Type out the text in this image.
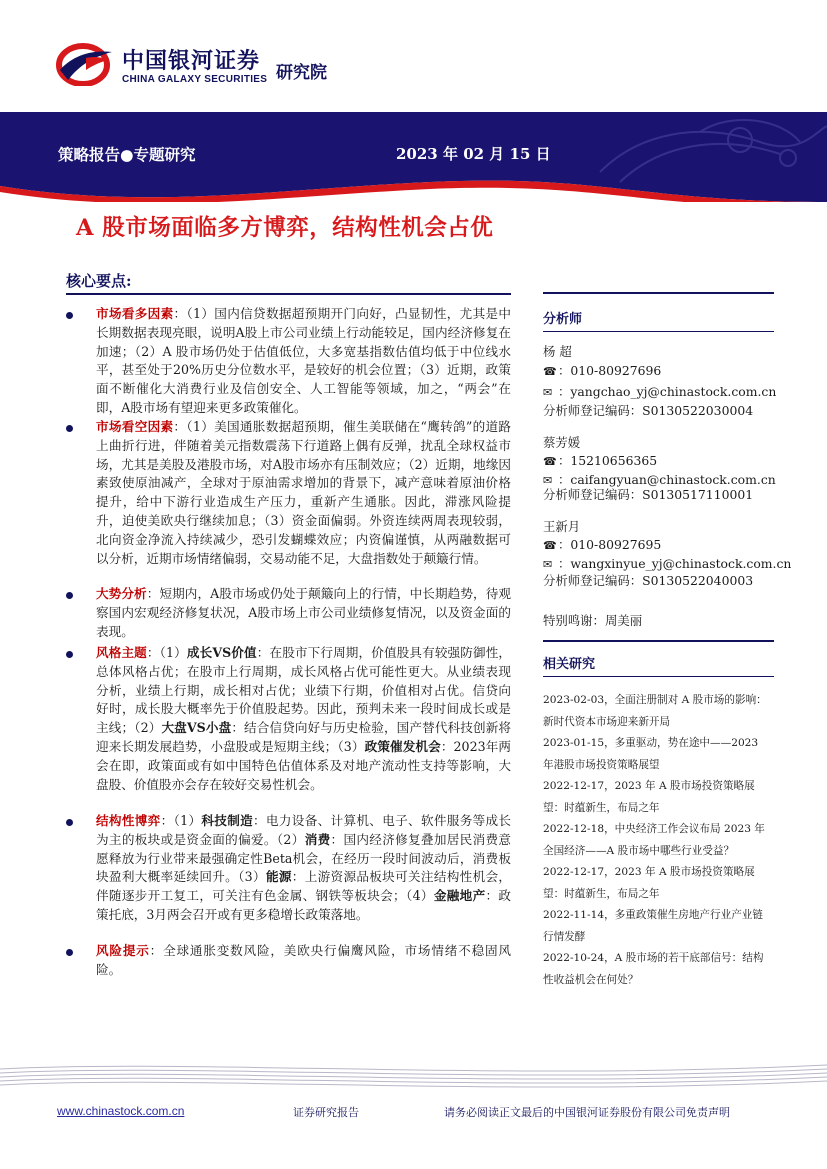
中国银河证券
CHINA GALAXY SECURITIES 研究院
策略报告●专题研究	2023 年 02 月 15 日
A 股市场面临多方博弈，结构性机会占优
核心要点:
市场看多因素：（1）国内信贷数据超预期开门向好，凸显韧性，尤其是中长期数据表现亮眼，说明A股上市公司业绩上行动能较足，国内经济修复在加速；（2）A 股市场仍处于估值低位，大多宽基指数估值均低于中位线水平，甚至处于20%历史分位数水平，是较好的机会位置；（3）近期，政策面不断催化大消费行业及信创安全、人工智能等领域，加之，“两会”在即，A股市场有望迎来更多政策催化。
市场看空因素：（1）美国通胀数据超预期，催生美联储在“鹰转鸽”的道路上曲折行进，伴随着美元指数震荡下行道路上偶有反弹，扰乱全球权益市场，尤其是美股及港股市场，对A股市场亦有压制效应；（2）近期，地缘因素致使原油减产，全球对于原油需求增加的背景下，减产意味着原油价格提升，给中下游行业造成生产压力，重新产生通胀。因此，滞涨风险提升，迫使美欧央行继续加息；（3）资金面偏弱。外资连续两周表现较弱，北向资金净流入持续减少，恐引发蝴蝶效应；内资偏谨慎，从两融数据可以分析，近期市场情绪偏弱，交易动能不足，大盘指数处于颠簸行情。
大势分析：短期内，A股市场或仍处于颠簸向上的行情，中长期趋势，待观察国内宏观经济修复状况，A股市场上市公司业绩修复情况，以及资金面的表现。
风格主题：（1）成长VS价值：在股市下行周期，价值股具有较强防御性，总体风格占优；在股市上行周期，成长风格占优可能性更大。从业绩表现分析，业绩上行期，成长相对占优；业绩下行期，价值相对占优。信贷向好时，成长股大概率先于价值股起势。因此，预判未来一段时间成长或是主线；（2）大盘VS小盘：结合信贷向好与历史检验，国产替代科技创新将迎来长期发展趋势，小盘股或是短期主线；（3）政策催发机会：2023年两会在即，政策面或有如中国特色估值体系及对地产流动性支持等影响，大盘股、价值股亦会存在较好交易性机会。
结构性博弈：（1）科技制造：电力设备、计算机、电子、软件服务等成长为主的板块或是资金面的偏爱。（2）消费：国内经济修复叠加居民消费意愿释放为行业带来最强确定性Beta机会，在经历一段时间波动后，消费板块盈利大概率延续回升。（3）能源：上游资源品板块可关注结构性机会，伴随逐步开工复工，可关注有色金属、钢铁等板块会；（4）金融地产：政策托底，3月两会召开或有更多稳增长政策落地。
风险提示：全球通胀变数风险，美欧央行偏鹰风险，市场情绪不稳固风险。
分析师
杨 超
☎：010-80927696
✉ ：yangchao_yj@chinastock.com.cn
分析师登记编码：S0130522030004
蔡芳媛
☎：15210656365
✉ ：caifangyuan@chinastock.com.cn
分析师登记编码：S0130517110001
王新月
☎：010-80927695
✉ ：wangxinyue_yj@chinastock.com.cn
分析师登记编码：S0130522040003
特别鸣谢：周美丽
相关研究
2023-02-03，全面注册制对 A 股市场的影响：新时代资本市场迎来新开局
2023-01-15，多重驱动，势在途中——2023 年港股市场投资策略展望
2022-12-17，2023 年 A 股市场投资策略展望：时蕴新生，布局之年
2022-12-18，中央经济工作会议布局 2023 年全国经济——A 股市场中哪些行业受益？
2022-12-17，2023 年 A 股市场投资策略展望：时蕴新生，布局之年
2022-11-14，多重政策催生房地产行业产业链行情发酵
2022-10-24，A 股市场的若干底部信号：结构性收益机会在何处？
www.chinastock.com.cn	证券研究报告	请务必阅读正文最后的中国银河证券股份有限公司免责声明
